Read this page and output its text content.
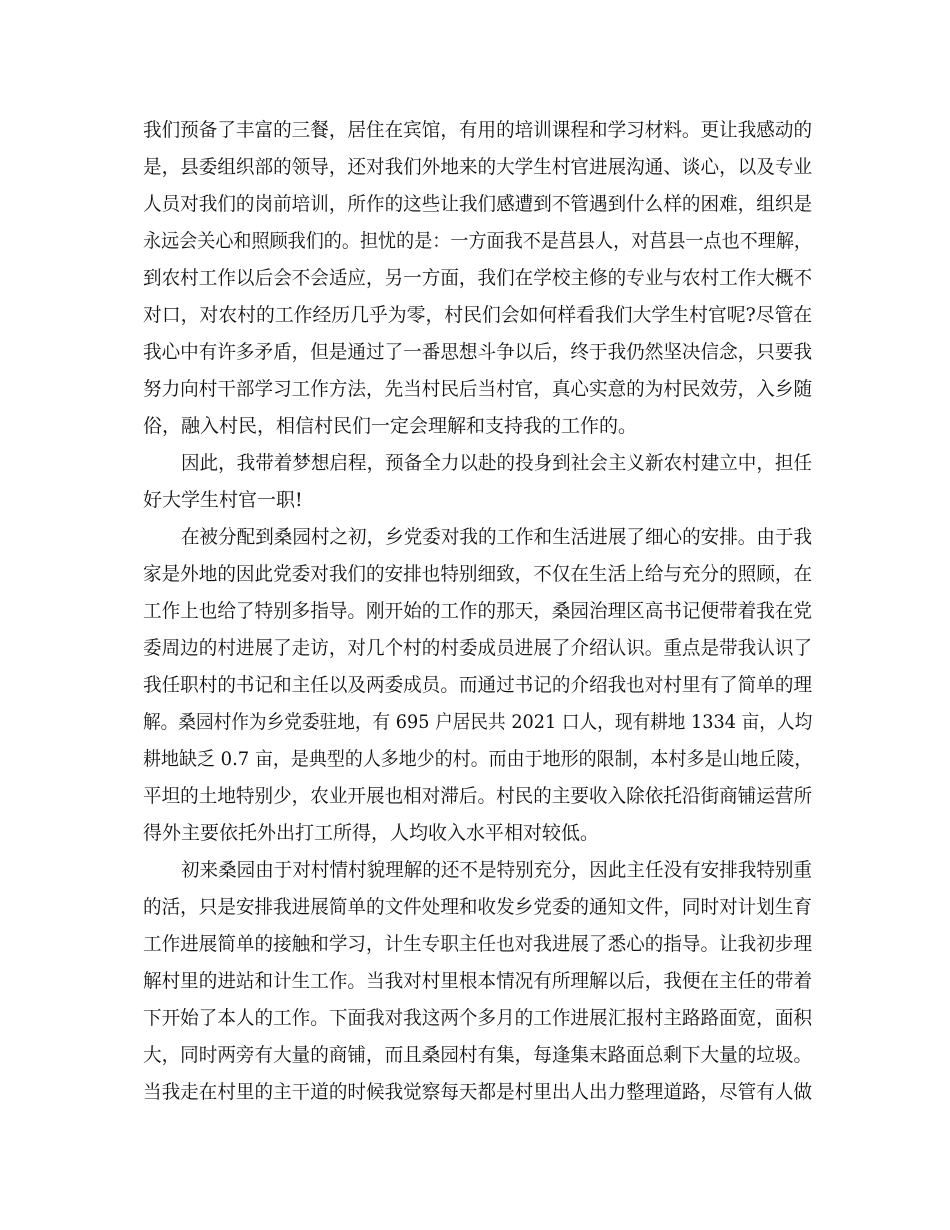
我们预备了丰富的三餐，居住在宾馆，有用的培训课程和学习材料。更让我感动的
是，县委组织部的领导，还对我们外地来的大学生村官进展沟通、谈心，以及专业
人员对我们的岗前培训，所作的这些让我们感遭到不管遇到什么样的困难，组织是
永远会关心和照顾我们的。担忧的是：一方面我不是莒县人，对莒县一点也不理解，
到农村工作以后会不会适应，另一方面，我们在学校主修的专业与农村工作大概不
对口，对农村的工作经历几乎为零，村民们会如何样看我们大学生村官呢?尽管在
我心中有许多矛盾，但是通过了一番思想斗争以后，终于我仍然坚决信念，只要我
努力向村干部学习工作方法，先当村民后当村官，真心实意的为村民效劳，入乡随
俗，融入村民，相信村民们一定会理解和支持我的工作的。
因此，我带着梦想启程，预备全力以赴的投身到社会主义新农村建立中，担任
好大学生村官一职!
在被分配到桑园村之初，乡党委对我的工作和生活进展了细心的安排。由于我
家是外地的因此党委对我们的安排也特别细致，不仅在生活上给与充分的照顾，在
工作上也给了特别多指导。刚开始的工作的那天，桑园治理区高书记便带着我在党
委周边的村进展了走访，对几个村的村委成员进展了介绍认识。重点是带我认识了
我任职村的书记和主任以及两委成员。而通过书记的介绍我也对村里有了简单的理
解。桑园村作为乡党委驻地，有 695 户居民共 2021 口人，现有耕地 1334 亩，人均
耕地缺乏 0.7 亩，是典型的人多地少的村。而由于地形的限制，本村多是山地丘陵，
平坦的土地特别少，农业开展也相对滞后。村民的主要收入除依托沿街商铺运营所
得外主要依托外出打工所得，人均收入水平相对较低。
初来桑园由于对村情村貌理解的还不是特别充分，因此主任没有安排我特别重
的活，只是安排我进展简单的文件处理和收发乡党委的通知文件，同时对计划生育
工作进展简单的接触和学习，计生专职主任也对我进展了悉心的指导。让我初步理
解村里的进站和计生工作。当我对村里根本情况有所理解以后，我便在主任的带着
下开始了本人的工作。下面我对我这两个多月的工作进展汇报村主路路面宽，面积
大，同时两旁有大量的商铺，而且桑园村有集，每逢集末路面总剩下大量的垃圾。
当我走在村里的主干道的时候我觉察每天都是村里出人出力整理道路，尽管有人做
